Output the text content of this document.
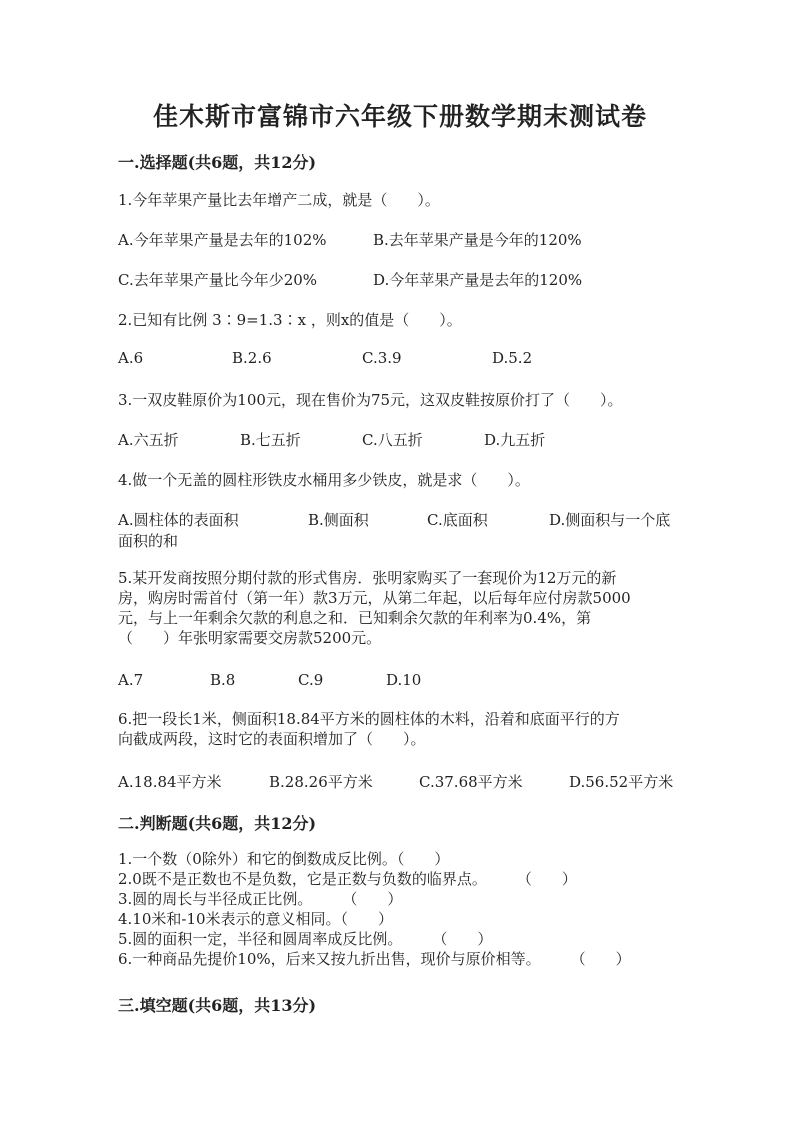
佳木斯市富锦市六年级下册数学期末测试卷
一.选择题(共6题，共12分)
1.今年苹果产量比去年增产二成，就是（　　）。
A.今年苹果产量是去年的102%	B.去年苹果产量是今年的120%
C.去年苹果产量比今年少20%	D.今年苹果产量是去年的120%
2.已知有比例 3∶9=1.3∶x ，则x的值是（　　）。
A.6	B.2.6	C.3.9	D.5.2
3.一双皮鞋原价为100元，现在售价为75元，这双皮鞋按原价打了（　　）。
A.六五折	B.七五折	C.八五折	D.九五折
4.做一个无盖的圆柱形铁皮水桶用多少铁皮，就是求（　　）。
A.圆柱体的表面积	B.侧面积	C.底面积	D.侧面积与一个底
面积的和
5.某开发商按照分期付款的形式售房．张明家购买了一套现价为12万元的新
房，购房时需首付（第一年）款3万元，从第二年起，以后每年应付房款5000
元，与上一年剩余欠款的利息之和．已知剩余欠款的年利率为0.4%，第
（　　）年张明家需要交房款5200元。
A.7	B.8	C.9	D.10
6.把一段长1米，侧面积18.84平方米的圆柱体的木料，沿着和底面平行的方
向截成两段，这时它的表面积增加了（　　）。
A.18.84平方米	B.28.26平方米	C.37.68平方米	D.56.52平方米
二.判断题(共6题，共12分)
1.一个数（0除外）和它的倒数成反比例。（　　）
2.0既不是正数也不是负数，它是正数与负数的临界点。　　　（　　）
3.圆的周长与半径成正比例。　　　（　　）
4.10米和-10米表示的意义相同。（　　）
5.圆的面积一定，半径和圆周率成反比例。　　　（　　）
6.一种商品先提价10%，后来又按九折出售，现价与原价相等。　　　（　　）
三.填空题(共6题，共13分)
